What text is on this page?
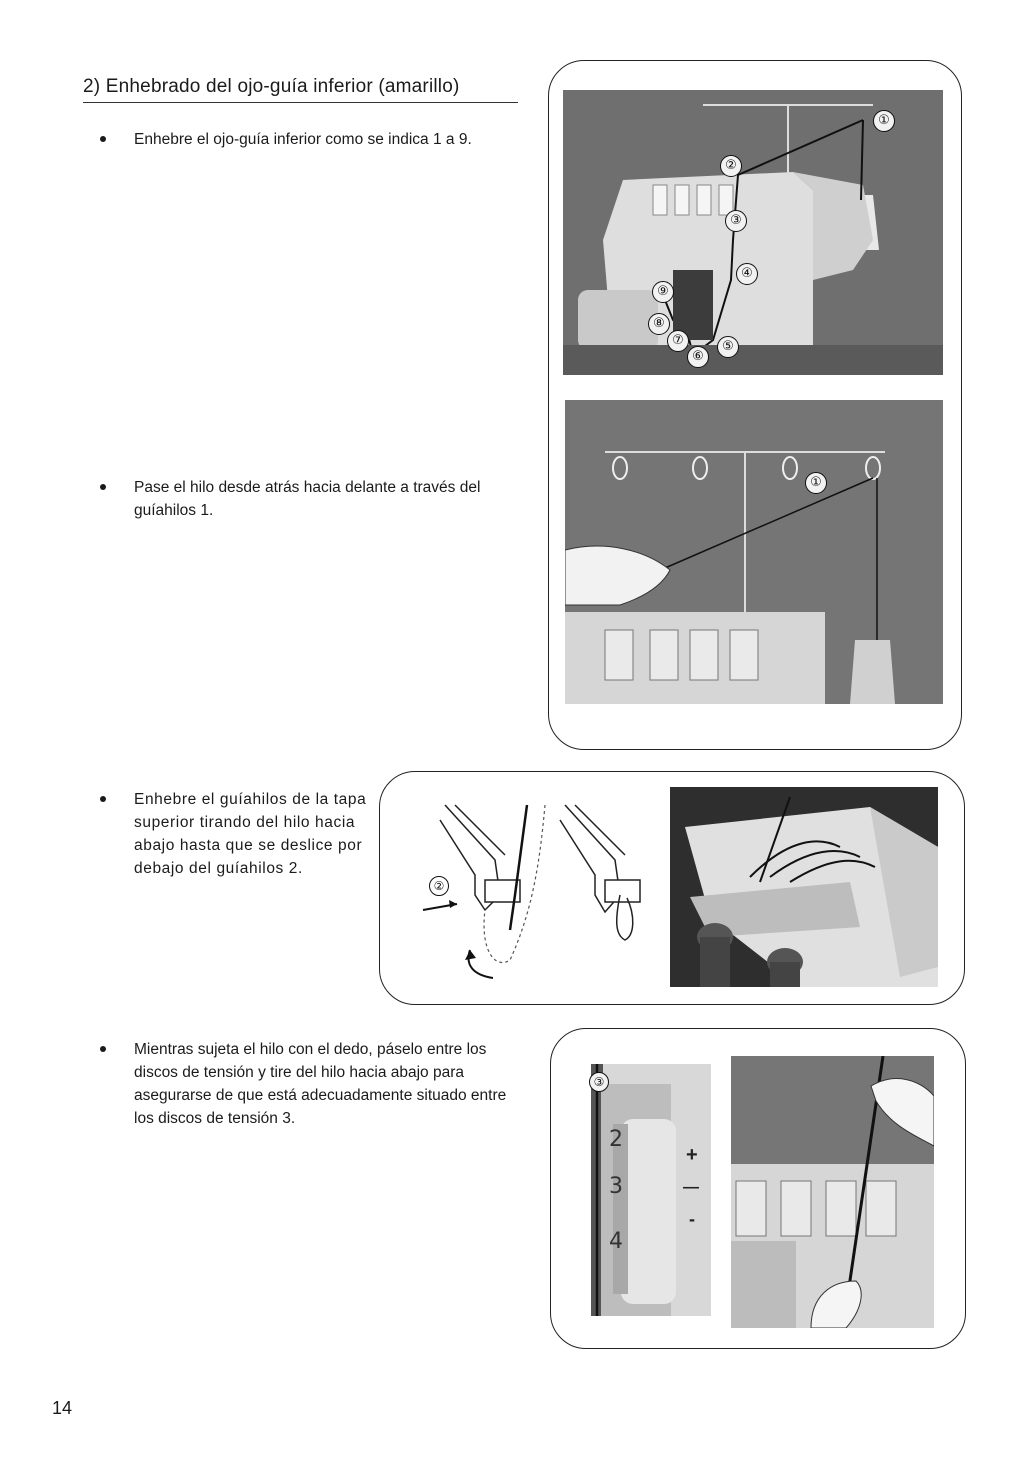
2) Enhebrado del ojo-guía inferior (amarillo)
Enhebre el ojo-guía inferior como se indica 1 a 9.
Pase el hilo desde atrás hacia delante a través del guíahilos 1.
Enhebre el guíahilos de la tapa superior tirando del hilo hacia abajo hasta que se deslice por debajo del guíahilos 2.
Mientras sujeta el hilo con el dedo, páselo entre los discos de tensión y tire del hilo hacia abajo para asegurarse de que está adecuadamente situado entre los discos de tensión 3.
①
②
③
④
⑤
⑥
⑦
⑧
⑨
①
②
2
3
4
+
—
-
③
14
